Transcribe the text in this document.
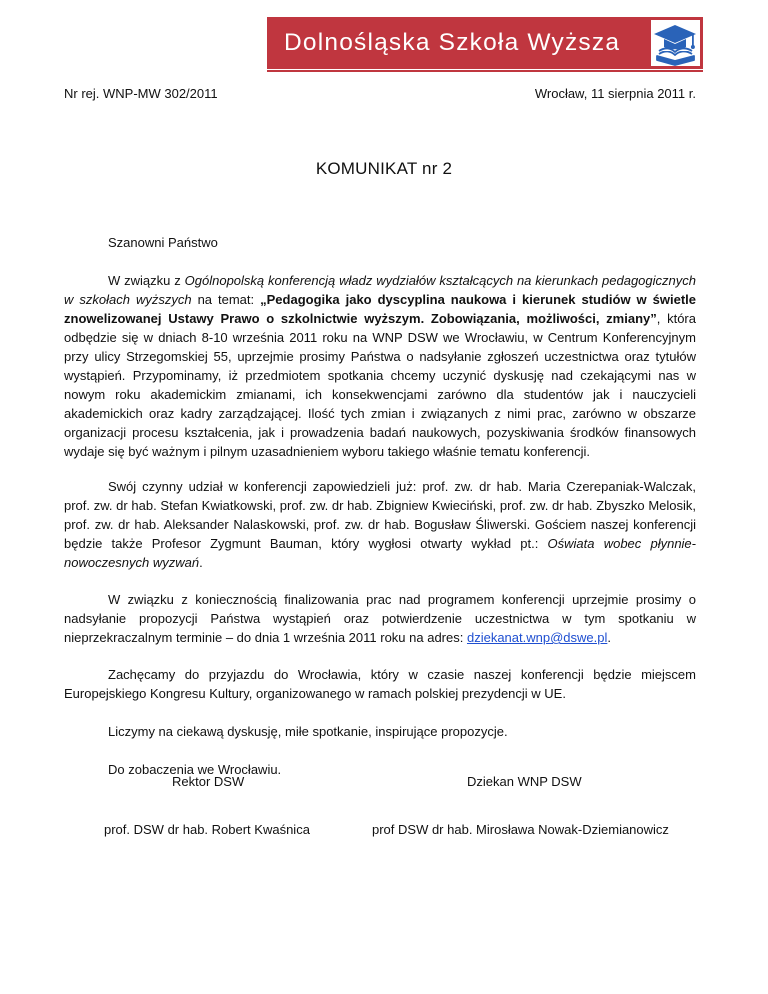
Dolnośląska Szkoła Wyższa
Nr rej. WNP-MW 302/2011	Wrocław, 11 sierpnia 2011 r.
KOMUNIKAT nr 2

Szanowni Państwo

W związku z Ogólnopolską konferencją władz wydziałów kształcących na kierunkach pedagogicznych w szkołach wyższych na temat: „Pedagogika jako dyscyplina naukowa i kierunek studiów w świetle znowelizowanej Ustawy Prawo o szkolnictwie wyższym. Zobowiązania, możliwości, zmiany”, która odbędzie się w dniach 8-10 września 2011 roku na WNP DSW we Wrocławiu, w Centrum Konferencyjnym przy ulicy Strzegomskiej 55, uprzejmie prosimy Państwa o nadsyłanie zgłoszeń uczestnictwa oraz tytułów wystąpień. Przypominamy, iż przedmiotem spotkania chcemy uczynić dyskusję nad czekającymi nas w nowym roku akademickim zmianami, ich konsekwencjami zarówno dla studentów jak i nauczycieli akademickich oraz kadry zarządzającej. Ilość tych zmian i związanych z nimi prac, zarówno w obszarze organizacji procesu kształcenia, jak i prowadzenia badań naukowych, pozyskiwania środków finansowych wydaje się być ważnym i pilnym uzasadnieniem wyboru takiego właśnie tematu konferencji.

Swój czynny udział w konferencji zapowiedzieli już: prof. zw. dr hab. Maria Czerepaniak-Walczak, prof. zw. dr hab. Stefan Kwiatkowski, prof. zw. dr hab. Zbigniew Kwieciński, prof. zw. dr hab. Zbyszko Melosik, prof. zw. dr hab. Aleksander Nalaskowski, prof. zw. dr hab. Bogusław Śliwerski. Gościem naszej konferencji będzie także Profesor Zygmunt Bauman, który wygłosi otwarty wykład pt.: Oświata wobec płynnie-nowoczesnych wyzwań.

W związku z koniecznością finalizowania prac nad programem konferencji uprzejmie prosimy o nadsyłanie propozycji Państwa wystąpień oraz potwierdzenie uczestnictwa w tym spotkaniu w nieprzekraczalnym terminie – do dnia 1 września 2011 roku na adres: dziekanat.wnp@dswe.pl.

Zachęcamy do przyjazdu do Wrocławia, który w czasie naszej konferencji będzie miejscem Europejskiego Kongresu Kultury, organizowanego w ramach polskiej prezydencji w UE.

Liczymy na ciekawą dyskusję, miłe spotkanie, inspirujące propozycje.

Do zobaczenia we Wrocławiu.

Rektor DSW
prof. DSW dr hab. Robert Kwaśnica
Dziekan WNP DSW
prof DSW dr hab. Mirosława Nowak-Dziemianowicz
